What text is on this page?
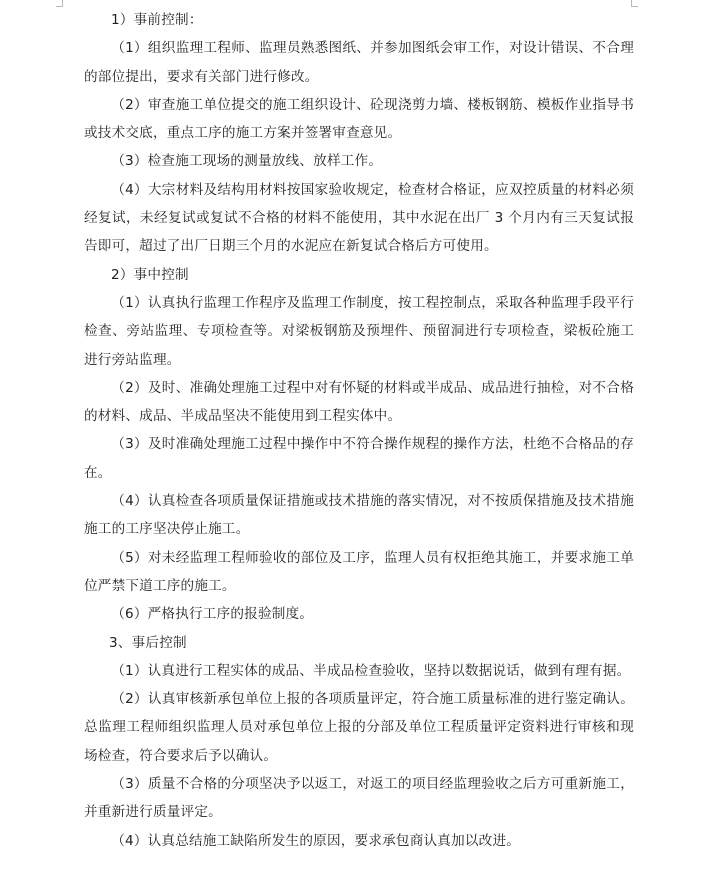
1）事前控制：

（1）组织监理工程师、监理员熟悉图纸、并参加图纸会审工作，对设计错误、不合理的部位提出，要求有关部门进行修改。

（2）审查施工单位提交的施工组织设计、砼现浇剪力墙、楼板钢筋、模板作业指导书或技术交底，重点工序的施工方案并签署审查意见。

（3）检查施工现场的测量放线、放样工作。

（4）大宗材料及结构用材料按国家验收规定，检查材合格证，应双控质量的材料必须经复试，未经复试或复试不合格的材料不能使用，其中水泥在出厂 3 个月内有三天复试报告即可，超过了出厂日期三个月的水泥应在新复试合格后方可使用。

2）事中控制

（1）认真执行监理工作程序及监理工作制度，按工程控制点，采取各种监理手段平行检查、旁站监理、专项检查等。对梁板钢筋及预埋件、预留洞进行专项检查，梁板砼施工进行旁站监理。

（2）及时、准确处理施工过程中对有怀疑的材料或半成品、成品进行抽检，对不合格的材料、成品、半成品坚决不能使用到工程实体中。

（3）及时准确处理施工过程中操作中不符合操作规程的操作方法，杜绝不合格品的存在。

（4）认真检查各项质量保证措施或技术措施的落实情况，对不按质保措施及技术措施施工的工序坚决停止施工。

（5）对未经监理工程师验收的部位及工序，监理人员有权拒绝其施工，并要求施工单位严禁下道工序的施工。

（6）严格执行工序的报验制度。

3、事后控制

（1）认真进行工程实体的成品、半成品检查验收，坚持以数据说话，做到有理有据。

（2）认真审核新承包单位上报的各项质量评定，符合施工质量标准的进行鉴定确认。总监理工程师组织监理人员对承包单位上报的分部及单位工程质量评定资料进行审核和现场检查，符合要求后予以确认。

（3）质量不合格的分项坚决予以返工，对返工的项目经监理验收之后方可重新施工，并重新进行质量评定。

（4）认真总结施工缺陷所发生的原因，要求承包商认真加以改进。
